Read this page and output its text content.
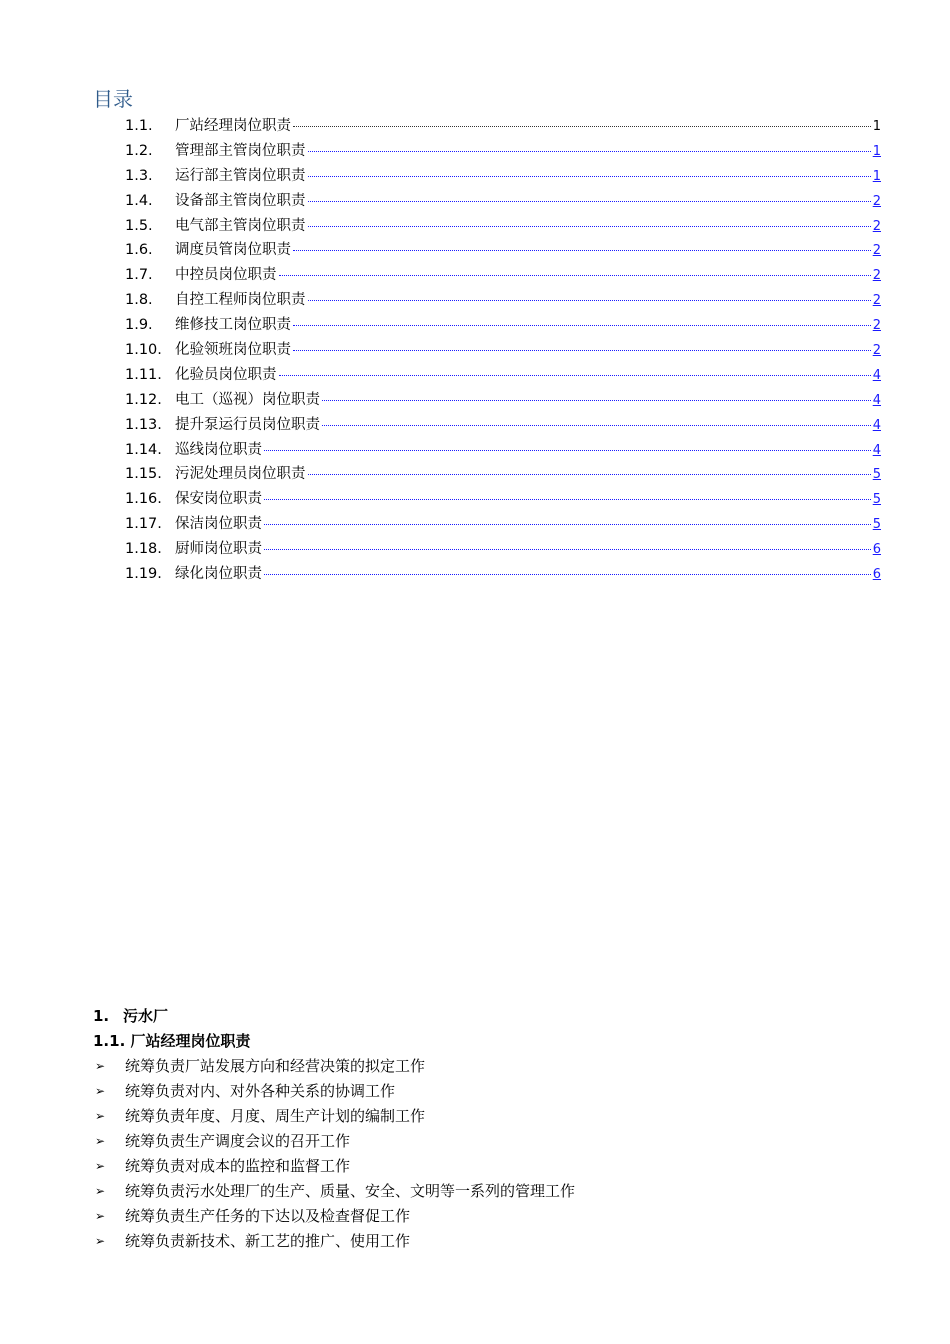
目录
1.1.	厂站经理岗位职责	1
1.2.	管理部主管岗位职责	1
1.3.	运行部主管岗位职责	1
1.4.	设备部主管岗位职责	2
1.5.	电气部主管岗位职责	2
1.6.	调度员管岗位职责	2
1.7.	中控员岗位职责	2
1.8.	自控工程师岗位职责	2
1.9.	维修技工岗位职责	2
1.10. 化验领班岗位职责	2
1.11. 化验员岗位职责	4
1.12. 电工（巡视）岗位职责	4
1.13. 提升泵运行员岗位职责	4
1.14. 巡线岗位职责	4
1.15. 污泥处理员岗位职责	5
1.16. 保安岗位职责	5
1.17. 保洁岗位职责	5
1.18. 厨师岗位职责	6
1.19. 绿化岗位职责	6
1. 污水厂
1.1. 厂站经理岗位职责
➢	统筹负责厂站发展方向和经营决策的拟定工作
➢	统筹负责对内、对外各种关系的协调工作
➢	统筹负责年度、月度、周生产计划的编制工作
➢	统筹负责生产调度会议的召开工作
➢	统筹负责对成本的监控和监督工作
➢	统筹负责污水处理厂的生产、质量、安全、文明等一系列的管理工作
➢	统筹负责生产任务的下达以及检查督促工作
➢	统筹负责新技术、新工艺的推广、使用工作
